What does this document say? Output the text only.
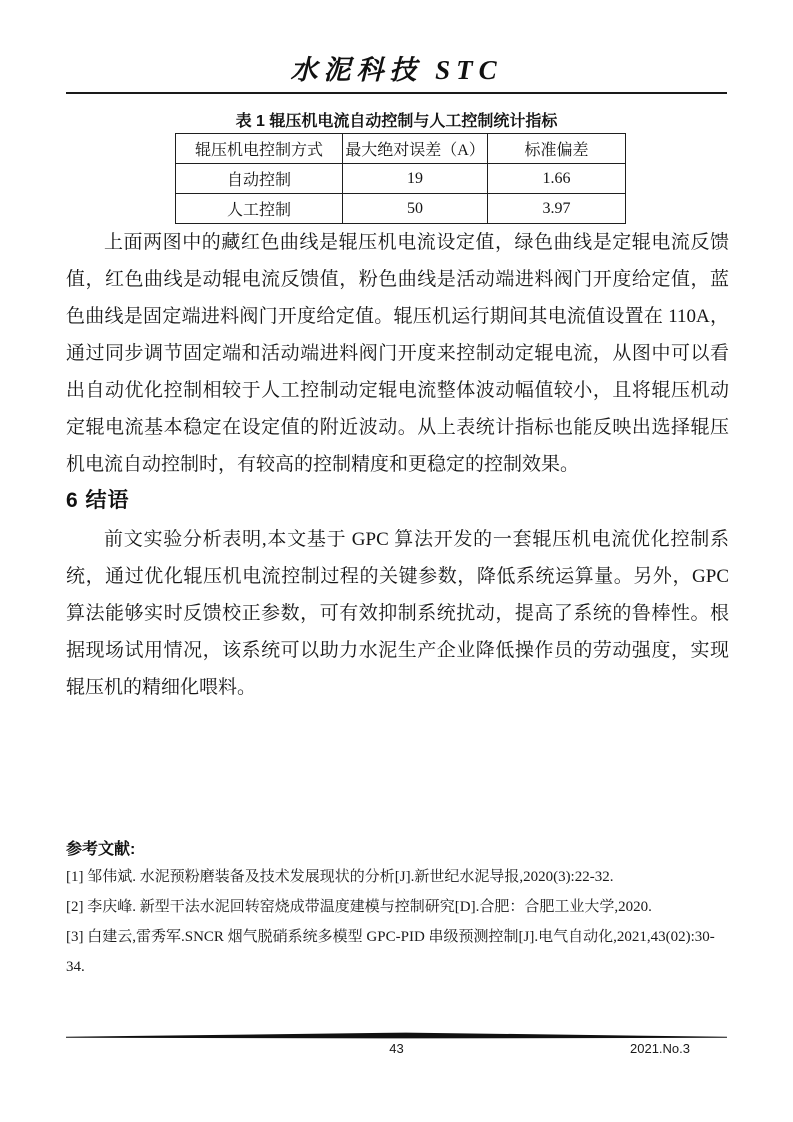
水泥科技 STC
表 1 辊压机电流自动控制与人工控制统计指标
辊压机电控制方式	最大绝对误差（A）	标准偏差
自动控制	19	1.66
人工控制	50	3.97

上面两图中的藏红色曲线是辊压机电流设定值，绿色曲线是定辊电流反馈值，红色曲线是动辊电流反馈值，粉色曲线是活动端进料阀门开度给定值，蓝色曲线是固定端进料阀门开度给定值。辊压机运行期间其电流值设置在 110A，通过同步调节固定端和活动端进料阀门开度来控制动定辊电流，从图中可以看出自动优化控制相较于人工控制动定辊电流整体波动幅值较小，且将辊压机动定辊电流基本稳定在设定值的附近波动。从上表统计指标也能反映出选择辊压机电流自动控制时，有较高的控制精度和更稳定的控制效果。

6 结语

前文实验分析表明,本文基于 GPC 算法开发的一套辊压机电流优化控制系统，通过优化辊压机电流控制过程的关键参数，降低系统运算量。另外，GPC 算法能够实时反馈校正参数，可有效抑制系统扰动，提高了系统的鲁棒性。根据现场试用情况，该系统可以助力水泥生产企业降低操作员的劳动强度，实现辊压机的精细化喂料。

参考文献:
[1] 邹伟斌. 水泥预粉磨装备及技术发展现状的分析[J].新世纪水泥导报,2020(3):22-32.
[2] 李庆峰. 新型干法水泥回转窑烧成带温度建模与控制研究[D].合肥：合肥工业大学,2020.
[3] 白建云,雷秀军.SNCR 烟气脱硝系统多模型 GPC-PID 串级预测控制[J].电气自动化,2021,43(02):30-34.
43	2021.No.3
